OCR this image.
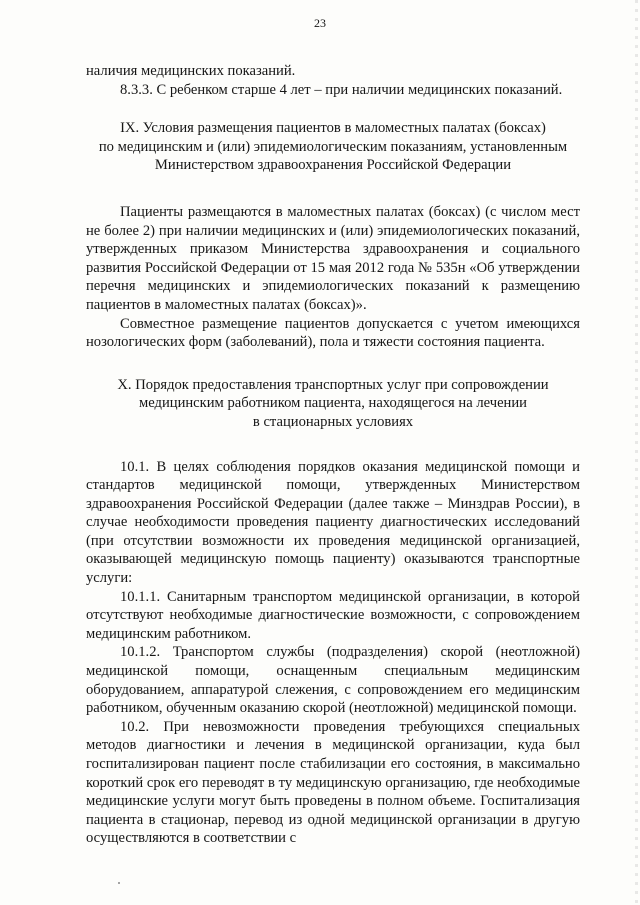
23

наличия медицинских показаний.

8.3.3. С ребенком старше 4 лет – при наличии медицинских показаний.

IX. Условия размещения пациентов в маломестных палатах (боксах)
по медицинским и (или) эпидемиологическим показаниям, установленным
Министерством здравоохранения Российской Федерации

Пациенты размещаются в маломестных палатах (боксах) (с числом мест не более 2) при наличии медицинских и (или) эпидемиологических показаний, утвержденных приказом Министерства здравоохранения и социального развития Российской Федерации от 15 мая 2012 года № 535н «Об утверждении перечня медицинских и эпидемиологических показаний к размещению пациентов в маломестных палатах (боксах)».

Совместное размещение пациентов допускается с учетом имеющихся нозологических форм (заболеваний), пола и тяжести состояния пациента.

X. Порядок предоставления транспортных услуг при сопровождении
медицинским работником пациента, находящегося на лечении
в стационарных условиях

10.1. В целях соблюдения порядков оказания медицинской помощи и стандартов медицинской помощи, утвержденных Министерством здравоохранения Российской Федерации (далее также – Минздрав России), в случае необходимости проведения пациенту диагностических исследований (при отсутствии возможности их проведения медицинской организацией, оказывающей медицинскую помощь пациенту) оказываются транспортные услуги:

10.1.1. Санитарным транспортом медицинской организации, в которой отсутствуют необходимые диагностические возможности, с сопровождением медицинским работником.

10.1.2. Транспортом службы (подразделения) скорой (неотложной) медицинской помощи, оснащенным специальным медицинским оборудованием, аппаратурой слежения, с сопровождением его медицинским работником, обученным оказанию скорой (неотложной) медицинской помощи.

10.2. При невозможности проведения требующихся специальных методов диагностики и лечения в медицинской организации, куда был госпитализирован пациент после стабилизации его состояния, в максимально короткий срок его переводят в ту медицинскую организацию, где необходимые медицинские услуги могут быть проведены в полном объеме. Госпитализация пациента в стационар, перевод из одной медицинской организации в другую осуществляются в соответствии с
